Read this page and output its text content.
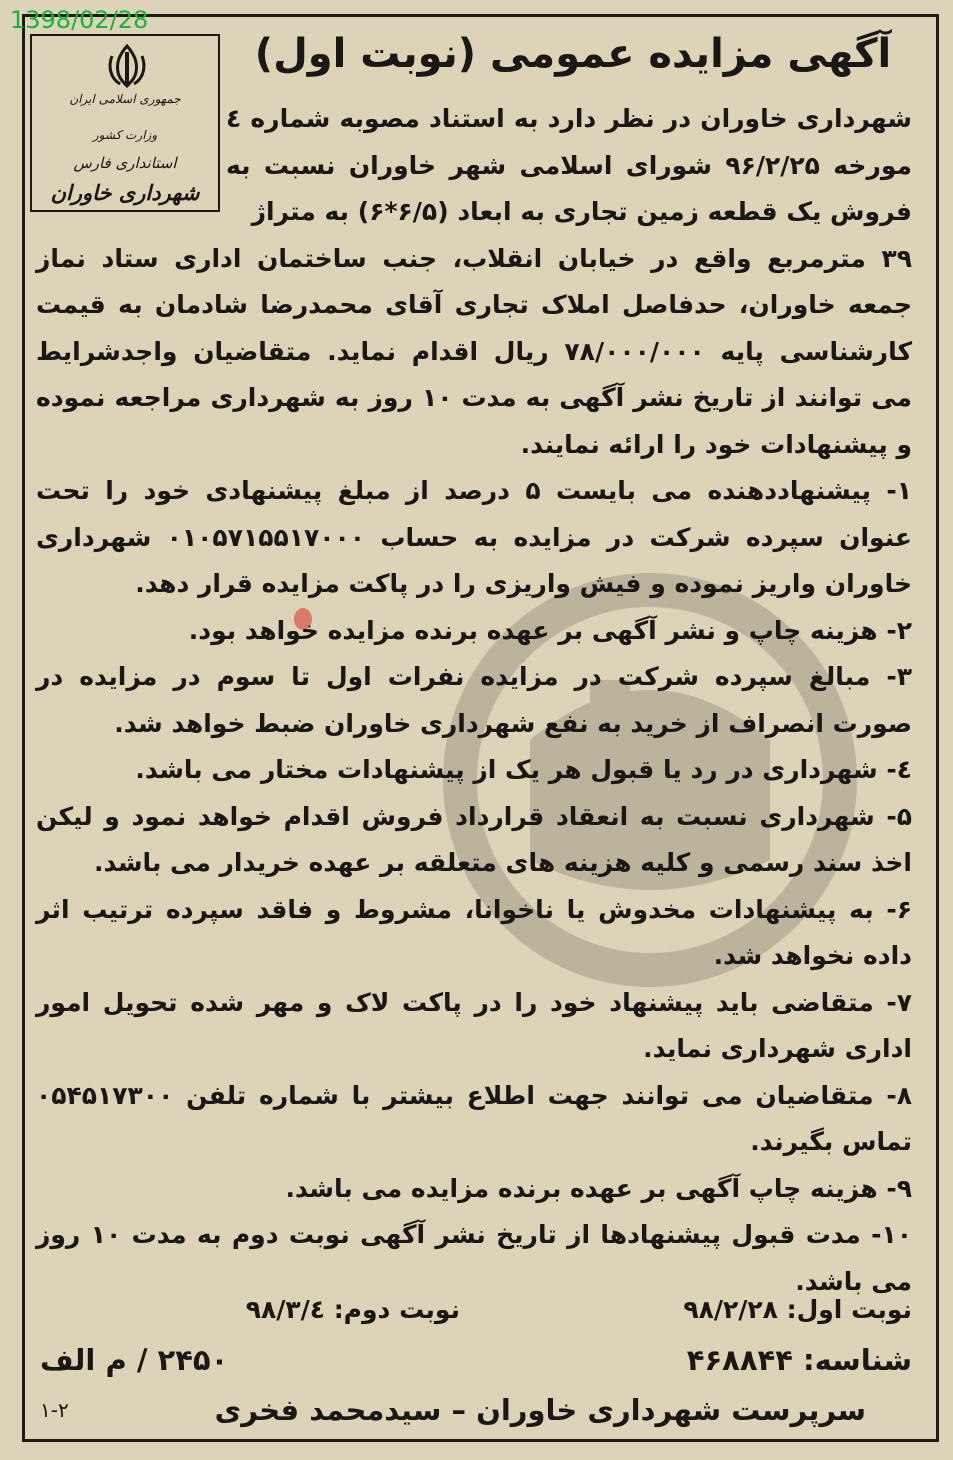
1398/02/28
جمهوری اسلامی ایران
وزارت کشور
استانداری فارس
شهرداری خاوران
آگهی مزایده عمومی (نوبت اول)

شهرداری خاوران در نظر دارد به استناد مصوبه شماره ٤ مورخه ۹۶/۲/۲۵ شورای اسلامی شهر خاوران نسبت به فروش یک قطعه زمین تجاری به ابعاد (۶/۵*۶) به متراژ
۳۹ مترمربع واقع در خیابان انقلاب، جنب ساختمان اداری ستاد نماز جمعه خاوران، حدفاصل املاک تجاری آقای محمدرضا شادمان به قیمت کارشناسی پایه ۷۸/۰۰۰/۰۰۰ ریال اقدام نماید. متقاضیان واجدشرایط می توانند از تاریخ نشر آگهی به مدت ۱۰ روز به شهرداری مراجعه نموده و پیشنهادات خود را ارائه نمایند.

۱- پیشنهاددهنده می بایست ۵ درصد از مبلغ پیشنهادی خود را تحت عنوان سپرده شرکت در مزایده به حساب ۰۱۰۵۷۱۵۵۱۷۰۰۰ شهرداری خاوران واریز نموده و فیش واریزی را در پاکت مزایده قرار دهد.

۲- هزینه چاپ و نشر آگهی بر عهده برنده مزایده خواهد بود.

۳- مبالغ سپرده شرکت در مزایده نفرات اول تا سوم در مزایده در صورت انصراف از خرید به نفع شهرداری خاوران ضبط خواهد شد.

٤- شهرداری در رد یا قبول هر یک از پیشنهادات مختار می باشد.

۵- شهرداری نسبت به انعقاد قرارداد فروش اقدام خواهد نمود و لیکن اخذ سند رسمی و کلیه هزینه های متعلقه بر عهده خریدار می باشد.

۶- به پیشنهادات مخدوش یا ناخوانا، مشروط و فاقد سپرده ترتیب اثر داده نخواهد شد.

۷- متقاضی باید پیشنهاد خود را در پاکت لاک و مهر شده تحویل امور اداری شهرداری نماید.

۸- متقاضیان می توانند جهت اطلاع بیشتر با شماره تلفن ۰۵۴۵۱۷۳۰۰ تماس بگیرند.

۹- هزینه چاپ آگهی بر عهده برنده مزایده می باشد.

۱۰- مدت قبول پیشنهادها از تاریخ نشر آگهی نوبت دوم به مدت ۱۰ روز می باشد.

نوبت اول: ۹۸/۲/۲۸
نوبت دوم: ۹۸/۳/٤
شناسه: ۴۶۸۸۴۴
۲۴۵۰ / م الف
سرپرست شهرداری خاوران – سیدمحمد فخری
۱-۲
